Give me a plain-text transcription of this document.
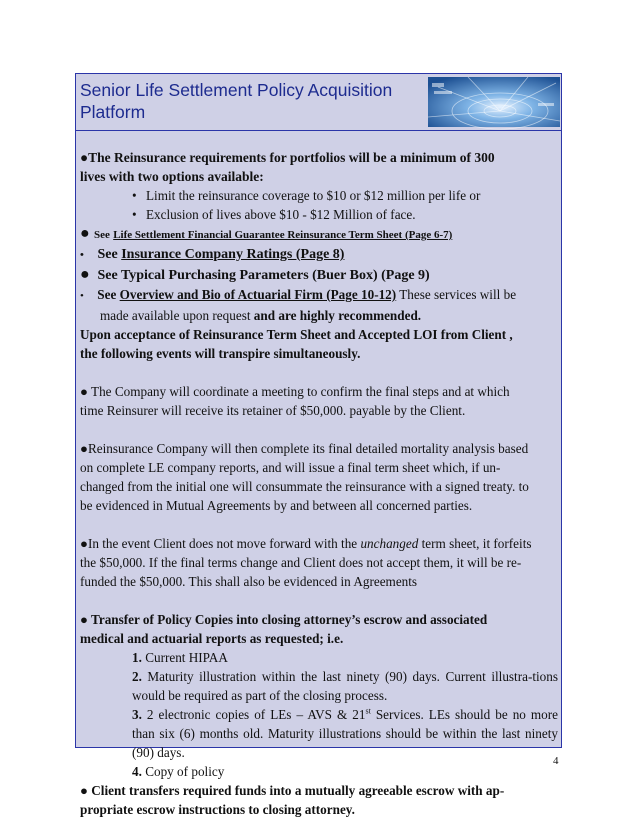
Senior Life Settlement Policy Acquisition
Platform

●The Reinsurance requirements for portfolios will be a minimum of 300

lives with two options available:

• Limit the reinsurance coverage to $10 or $12 million per life or

• Exclusion of lives above $10 - $12 Million of face.

● See Life Settlement Financial Guarantee Reinsurance Term Sheet (Page 6-7)

• See Insurance Company Ratings (Page 8)

● See Typical Purchasing Parameters (Buer Box) (Page 9)

• See Overview and Bio of Actuarial Firm (Page 10-12) These services will be

made available upon request and are highly recommended.

Upon acceptance of Reinsurance Term Sheet and Accepted LOI from Client ,

the following events will transpire simultaneously.

● The Company will coordinate a meeting to confirm the final steps and at which

time Reinsurer will receive its retainer of $50,000. payable by the Client.

●Reinsurance Company will then complete its final detailed mortality analysis based

on complete LE company reports, and will issue a final term sheet which, if un-

changed from the initial one will consummate the reinsurance with a signed treaty. to

be evidenced in Mutual Agreements by and between all concerned parties.

●In the event Client does not move forward with the unchanged term sheet, it forfeits

the $50,000. If the final terms change and Client does not accept them, it will be re-

funded the $50,000. This shall also be evidenced in Agreements

● Transfer of Policy Copies into closing attorney’s escrow and associated

medical and actuarial reports as requested; i.e.

1. Current HIPAA

2. Maturity illustration within the last ninety (90) days. Current illustra-tions would be required as part of the closing process.

3. 2 electronic copies of LEs – AVS & 21st Services. LEs should be no more than six (6) months old. Maturity illustrations should be within the last ninety (90) days.

4. Copy of policy

● Client transfers required funds into a mutually agreeable escrow with ap-

propriate escrow instructions to closing attorney.

4
